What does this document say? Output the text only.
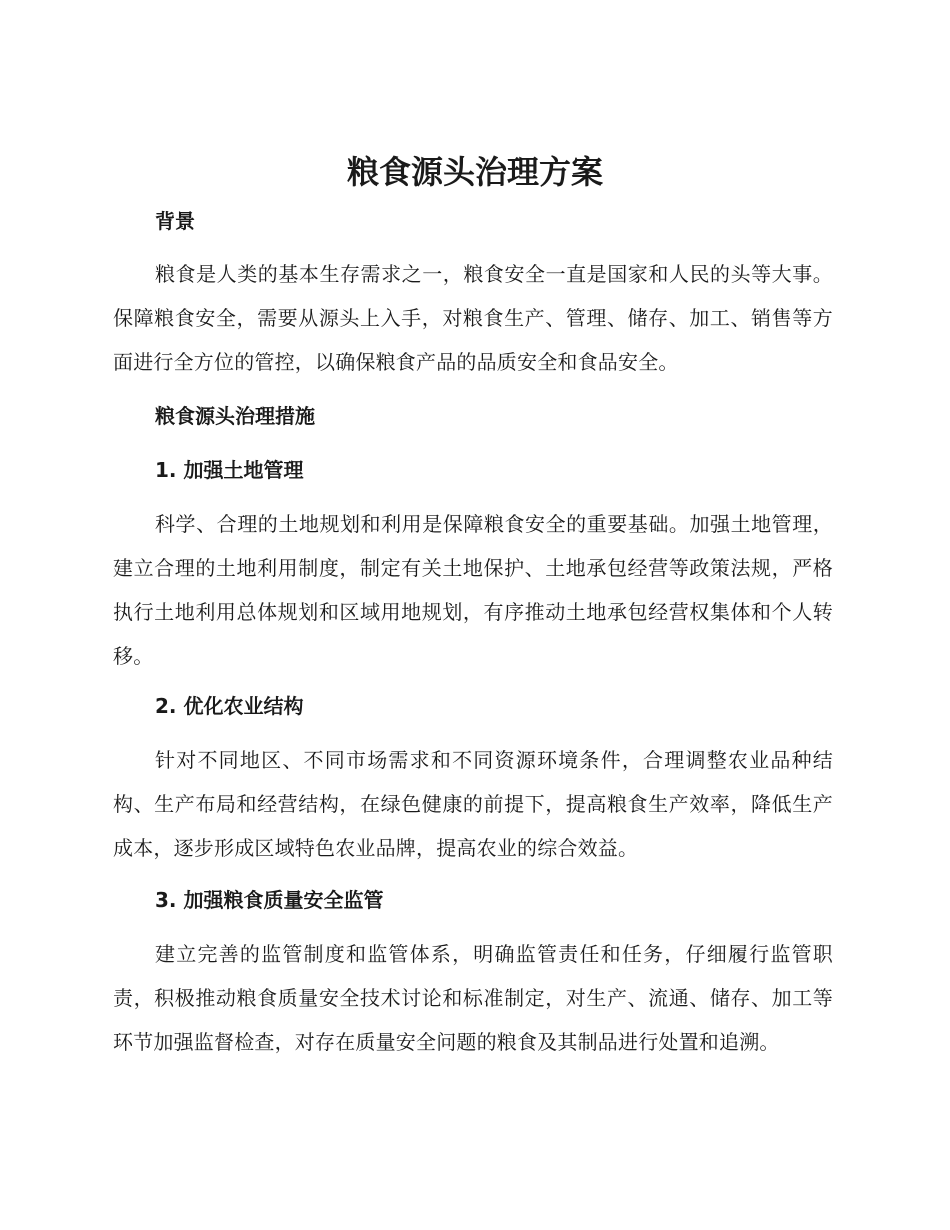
粮食源头治理方案
背景

粮食是人类的基本生存需求之一，粮食安全一直是国家和人民的头等大事。保障粮食安全，需要从源头上入手，对粮食生产、管理、储存、加工、销售等方面进行全方位的管控，以确保粮食产品的品质安全和食品安全。

粮食源头治理措施
1. 加强土地管理

科学、合理的土地规划和利用是保障粮食安全的重要基础。加强土地管理，建立合理的土地利用制度，制定有关土地保护、土地承包经营等政策法规，严格执行土地利用总体规划和区域用地规划，有序推动土地承包经营权集体和个人转移。

2. 优化农业结构

针对不同地区、不同市场需求和不同资源环境条件，合理调整农业品种结构、生产布局和经营结构，在绿色健康的前提下，提高粮食生产效率，降低生产成本，逐步形成区域特色农业品牌，提高农业的综合效益。

3. 加强粮食质量安全监管

建立完善的监管制度和监管体系，明确监管责任和任务，仔细履行监管职责，积极推动粮食质量安全技术讨论和标准制定，对生产、流通、储存、加工等环节加强监督检查，对存在质量安全问题的粮食及其制品进行处置和追溯。
